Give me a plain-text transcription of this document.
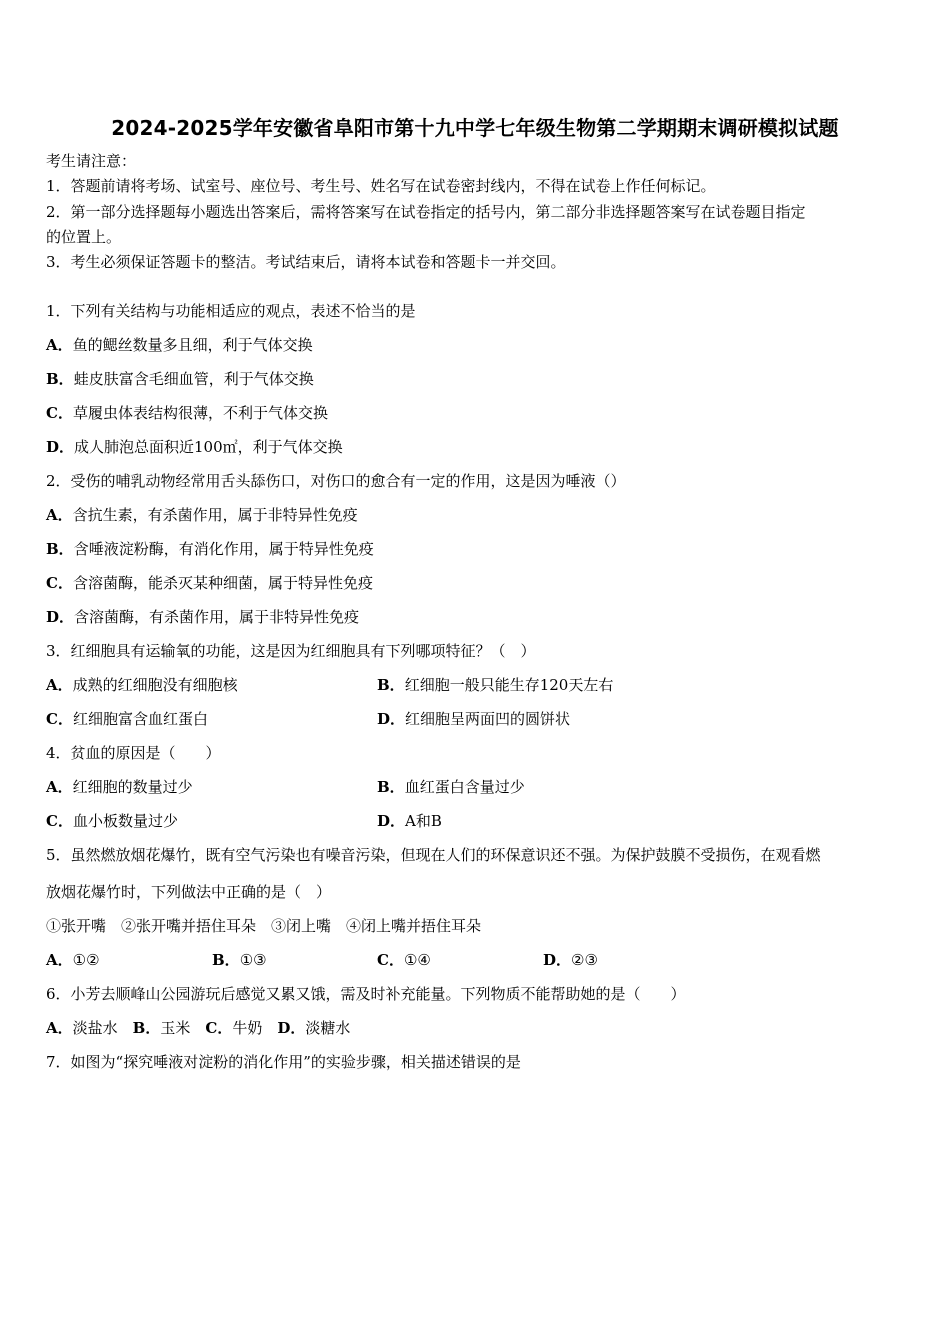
2024-2025学年安徽省阜阳市第十九中学七年级生物第二学期期末调研模拟试题
考生请注意：
1．答题前请将考场、试室号、座位号、考生号、姓名写在试卷密封线内，不得在试卷上作任何标记。
2．第一部分选择题每小题选出答案后，需将答案写在试卷指定的括号内，第二部分非选择题答案写在试卷题目指定
的位置上。
3．考生必须保证答题卡的整洁。考试结束后，请将本试卷和答题卡一并交回。
1．下列有关结构与功能相适应的观点，表述不恰当的是
A．鱼的鳃丝数量多且细，利于气体交换
B．蛙皮肤富含毛细血管，利于气体交换
C．草履虫体表结构很薄，不利于气体交换
D．成人肺泡总面积近100㎡，利于气体交换
2．受伤的哺乳动物经常用舌头舔伤口，对伤口的愈合有一定的作用，这是因为唾液（）
A．含抗生素，有杀菌作用，属于非特异性免疫
B．含唾液淀粉酶，有消化作用，属于特异性免疫
C．含溶菌酶，能杀灭某种细菌，属于特异性免疫
D．含溶菌酶，有杀菌作用，属于非特异性免疫
3．红细胞具有运输氧的功能，这是因为红细胞具有下列哪项特征？（　）
A．成熟的红细胞没有细胞核	B．红细胞一般只能生存120天左右
C．红细胞富含血红蛋白	D．红细胞呈两面凹的圆饼状
4．贫血的原因是（　　）
A．红细胞的数量过少	B．血红蛋白含量过少
C．血小板数量过少	D．A和B
5．虽然燃放烟花爆竹，既有空气污染也有噪音污染，但现在人们的环保意识还不强。为保护鼓膜不受损伤，在观看燃
放烟花爆竹时，下列做法中正确的是（　）
①张开嘴　②张开嘴并捂住耳朵　③闭上嘴　④闭上嘴并捂住耳朵
A．①②	B．①③	C．①④	D．②③
6．小芳去顺峰山公园游玩后感觉又累又饿，需及时补充能量。下列物质不能帮助她的是（　　）
A．淡盐水　 B．玉米　 C．牛奶　 D．淡糖水
7．如图为“探究唾液对淀粉的消化作用”的实验步骤，相关描述错误的是
